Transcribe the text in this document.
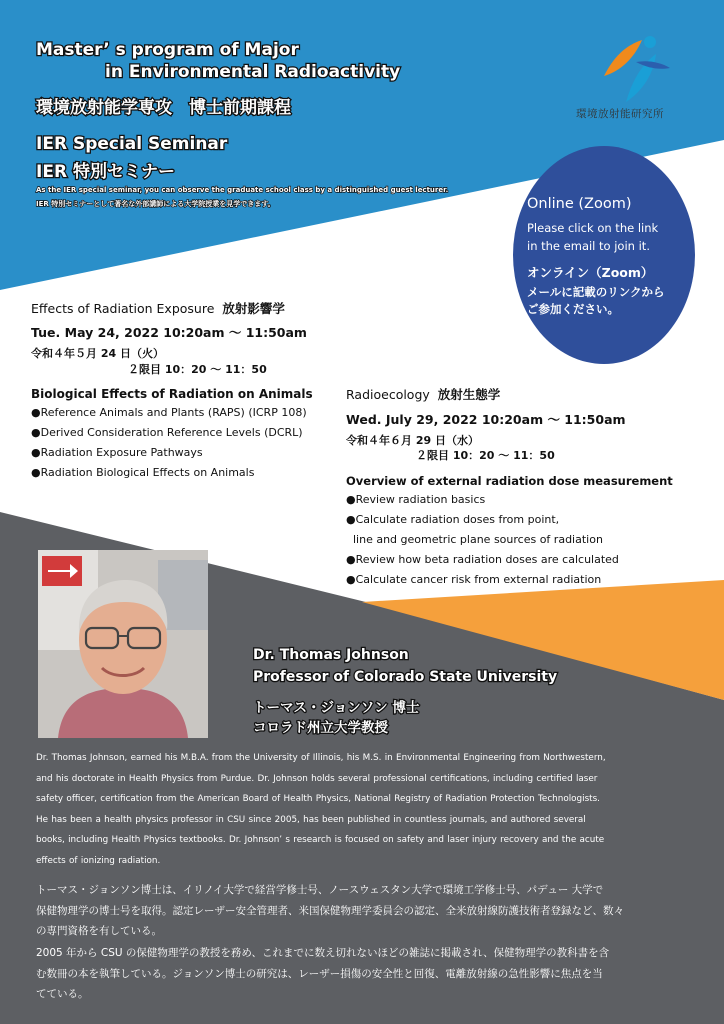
Master’ s program of Major
in Environmental Radioactivity
環境放射能学専攻　博士前期課程
IER Special Seminar
IER 特別セミナー
As the IER special seminar, you can observe the graduate school class by a distinguished guest lecturer.
IER 特別セミナーとして著名な外部講師による大学院授業を見学できます。
環境放射能研究所
Online (Zoom)
Please click on the link
in the email to join it.
オンライン（Zoom）
メールに記載のリンクから
ご参加ください。
Effects of Radiation Exposure 放射影響学
Tue. May 24, 2022 10:20am ～ 11:50am
令和４年５月 24 日（火）
２限目 10：20 ～ 11：50
Biological Effects of Radiation on Animals
●Reference Animals and Plants (RAPS) (ICRP 108)
●Derived Consideration Reference Levels (DCRL)
●Radiation Exposure Pathways
●Radiation Biological Effects on Animals
Radioecology 放射生態学
Wed. July 29, 2022 10:20am ～ 11:50am
令和４年６月 29 日（水）
２限目 10：20 ～ 11：50
Overview of external radiation dose measurement
●Review radiation basics
●Calculate radiation doses from point,
line and geometric plane sources of radiation
●Review how beta radiation doses are calculated
●Calculate cancer risk from external radiation
Dr. Thomas Johnson
Professor of Colorado State University
トーマス・ジョンソン 博士
コロラド州立大学教授

Dr. Thomas Johnson, earned his M.B.A. from the University of Illinois, his M.S. in Environmental Engineering from Northwestern,
and his doctorate in Health Physics from Purdue. Dr. Johnson holds several professional certifications, including certified laser
safety officer, certification from the American Board of Health Physics, National Registry of Radiation Protection Technologists.
He has been a health physics professor in CSU since 2005, has been published in countless journals, and authored several
books, including Health Physics textbooks. Dr. Johnson’ s research is focused on safety and laser injury recovery and the acute
effects of ionizing radiation.

トーマス・ジョンソン博士は、イリノイ大学で経営学修士号、ノースウェスタン大学で環境工学修士号、パデュー 大学で
保健物理学の博士号を取得。認定レーザー安全管理者、米国保健物理学委員会の認定、全米放射線防護技術者登録など、数々
の専門資格を有している。

2005 年から CSU の保健物理学の教授を務め、これまでに数え切れないほどの雑誌に掲載され、保健物理学の教科書を含
む数冊の本を執筆している。ジョンソン博士の研究は、レーザー損傷の安全性と回復、電離放射線の急性影響に焦点を当
てている。
